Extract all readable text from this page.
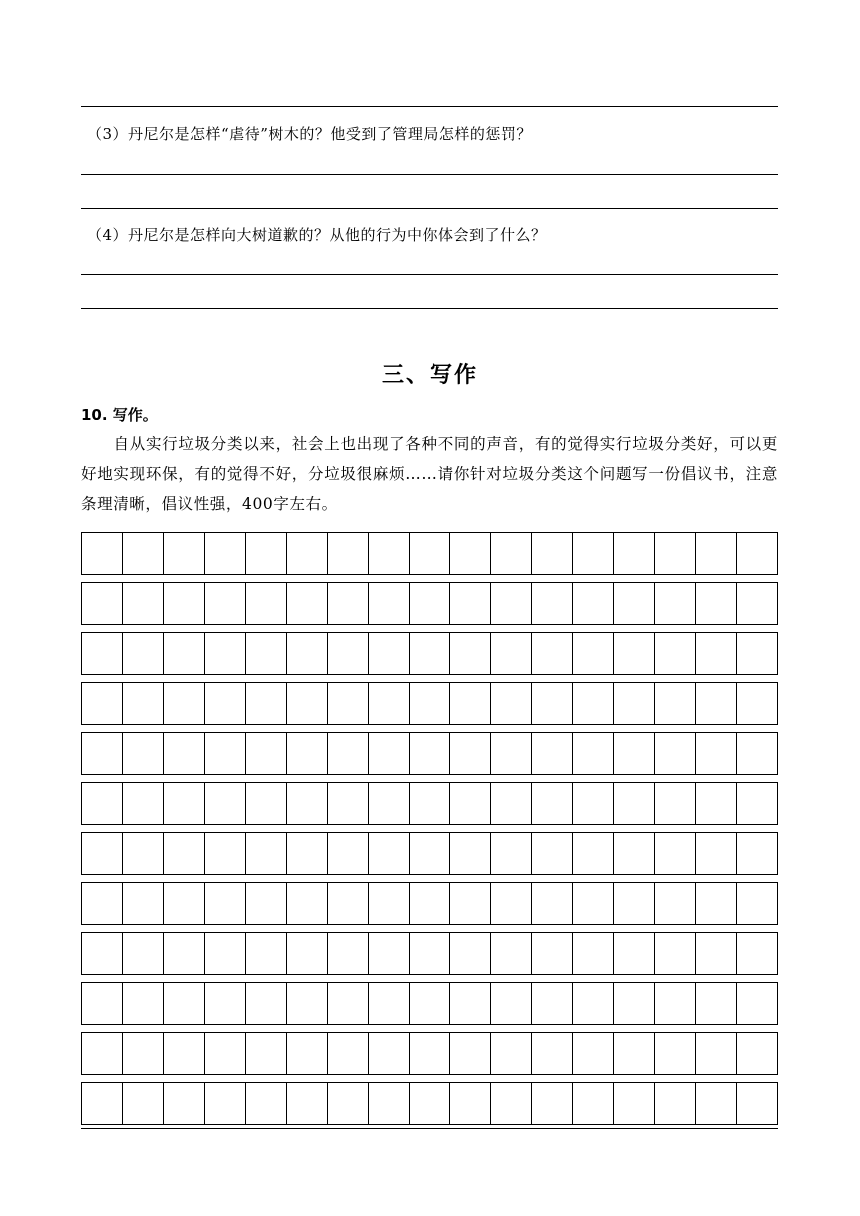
（3）丹尼尔是怎样“虐待”树木的？他受到了管理局怎样的惩罚？
（4）丹尼尔是怎样向大树道歉的？从他的行为中你体会到了什么？
三、写作
10. 写作。
自从实行垃圾分类以来，社会上也出现了各种不同的声音，有的觉得实行垃圾分类好，可以更好地实现环保，有的觉得不好，分垃圾很麻烦……请你针对垃圾分类这个问题写一份倡议书，注意条理清晰，倡议性强，400字左右。
